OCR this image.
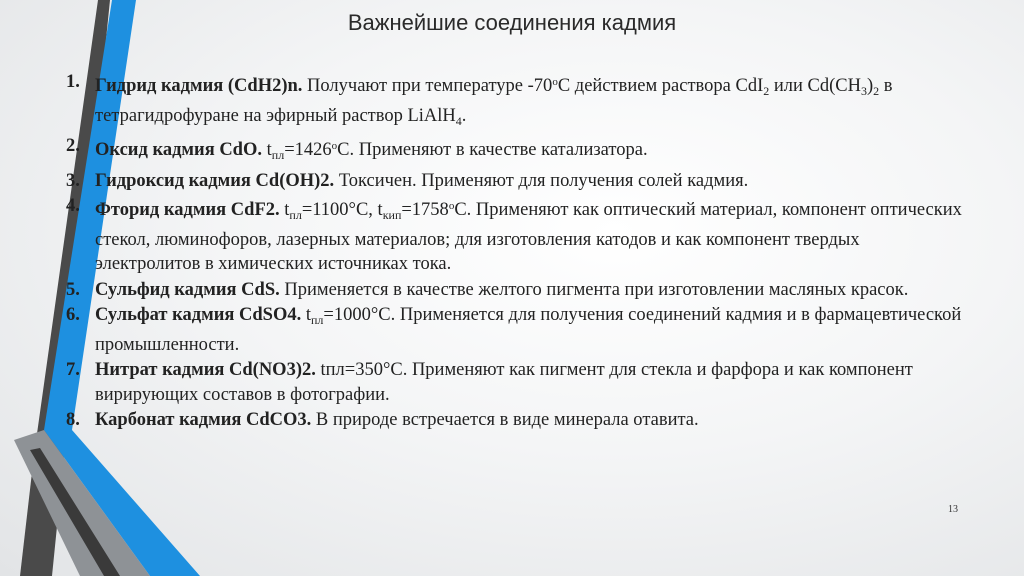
Важнейшие соединения кадмия
1. Гидрид кадмия (CdH2)n. Получают при температуре $-70^оС$ действием раствора CdI$_2$ или $Cd(CH_3)_2$ в тетрагидрофуране на эфирный раствор LiAlH$_4$.
2. Оксид кадмия CdO. $t_{пл}=1426^оС$. Применяют в качестве катализатора.
3. Гидроксид кадмия Cd(OH)2. Токсичен. Применяют для получения солей кадмия.
4. Фторид кадмия CdF2. $t_{пл}=1100^\circ С$, $t_{кип}=1758^оС$. Применяют как оптический материал, компонент оптических стекол, люминофоров, лазерных материалов; для изготовления катодов и как компонент твердых электролитов в химических источниках тока.
5. Сульфид кадмия CdS. Применяется в качестве желтого пигмента при изготовлении масляных красок.
6. Сульфат кадмия CdSO4. $t_{пл}=1000^\circ С$. Применяется для получения соединений кадмия и в фармацевтической промышленности.
7. Нитрат кадмия Cd(NO3)2. tпл=350°С. Применяют как пигмент для стекла и фарфора и как компонент вирирующих составов в фотографии.
8. Карбонат кадмия CdCO3. В природе встречается в виде минерала отавита.
13
